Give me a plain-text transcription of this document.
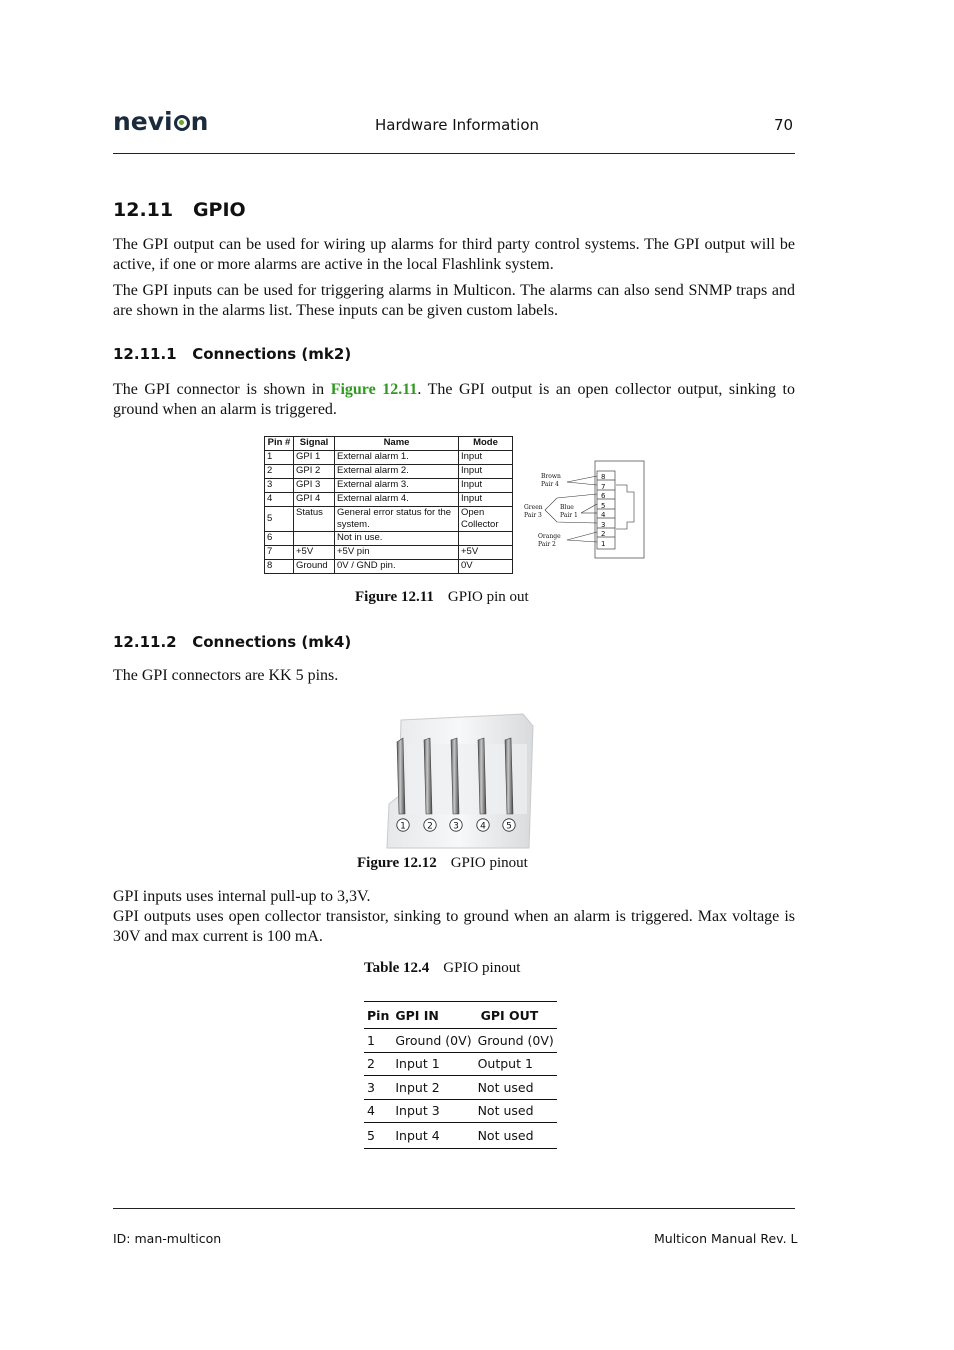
nevi n	Hardware Information	70
12.11   GPIO

The GPI output can be used for wiring up alarms for third party control systems. The GPI output will be active, if one or more alarms are active in the local Flashlink system.

The GPI inputs can be used for triggering alarms in Multicon. The alarms can also send SNMP traps and are shown in the alarms list. These inputs can be given custom labels.

12.11.1   Connections (mk2)

The GPI connector is shown in Figure 12.11. The GPI output is an open collector output, sinking to ground when an alarm is triggered.

Pin #	Signal	Name	Mode
1	GPI 1	External alarm 1.	Input
2	GPI 2	External alarm 2.	Input
3	GPI 3	External alarm 3.	Input
4	GPI 4	External alarm 4.	Input
5	Status	General error status for the system.	Open Collector
6		Not in use.	
7	+5V	+5V pin	+5V
8	Ground	0V / GND pin.	0V
8
7
6
5
4
3
2
1
Brown
Pair 4
Green
Pair 3
Blue
Pair 1
Orange
Pair 2
Figure 12.11 GPIO pin out
12.11.2   Connections (mk4)

The GPI connectors are KK 5 pins.

1 2 3 4 5
Figure 12.12 GPIO pinout
GPI inputs uses internal pull-up to 3,3V.
GPI outputs uses open collector transistor, sinking to ground when an alarm is triggered. Max voltage is 30V and max current is 100 mA.
Table 12.4 GPIO pinout
Pin	GPI IN	GPI OUT
1	Ground (0V)	Ground (0V)
2	Input 1	Output 1
3	Input 2	Not used
4	Input 3	Not used
5	Input 4	Not used
ID: man-multicon	Multicon Manual Rev. L
